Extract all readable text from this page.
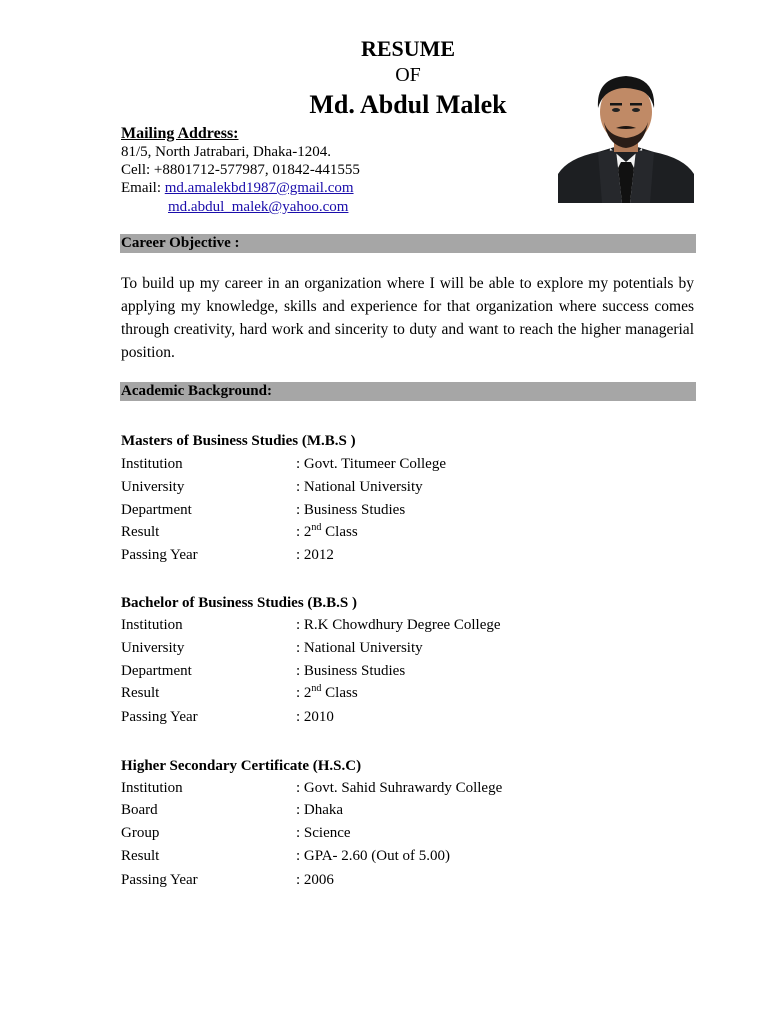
RESUME
OF
Md. Abdul Malek
Mailing Address:
81/5, North Jatrabari, Dhaka-1204.
Cell: +8801712-577987, 01842-441555
Email: md.amalekbd1987@gmail.com
md.abdul_malek@yahoo.com
Career Objective :
To build up my career in an organization where I will be able to explore my potentials by applying my knowledge, skills and experience for that organization where success comes through creativity, hard work and sincerity to duty and want to reach the higher managerial position.
Academic Background:
Masters of Business Studies (M.B.S )
Institution	: Govt. Titumeer College
University	: National University
Department	: Business Studies
Result	: 2nd Class
Passing Year	: 2012
Bachelor of Business Studies (B.B.S )
Institution	: R.K Chowdhury Degree College
University	: National University
Department	: Business Studies
Result	: 2nd Class
Passing Year	: 2010
Higher Secondary Certificate (H.S.C)
Institution	: Govt. Sahid Suhrawardy College
Board	: Dhaka
Group	: Science
Result	: GPA- 2.60 (Out of 5.00)
Passing Year	: 2006
